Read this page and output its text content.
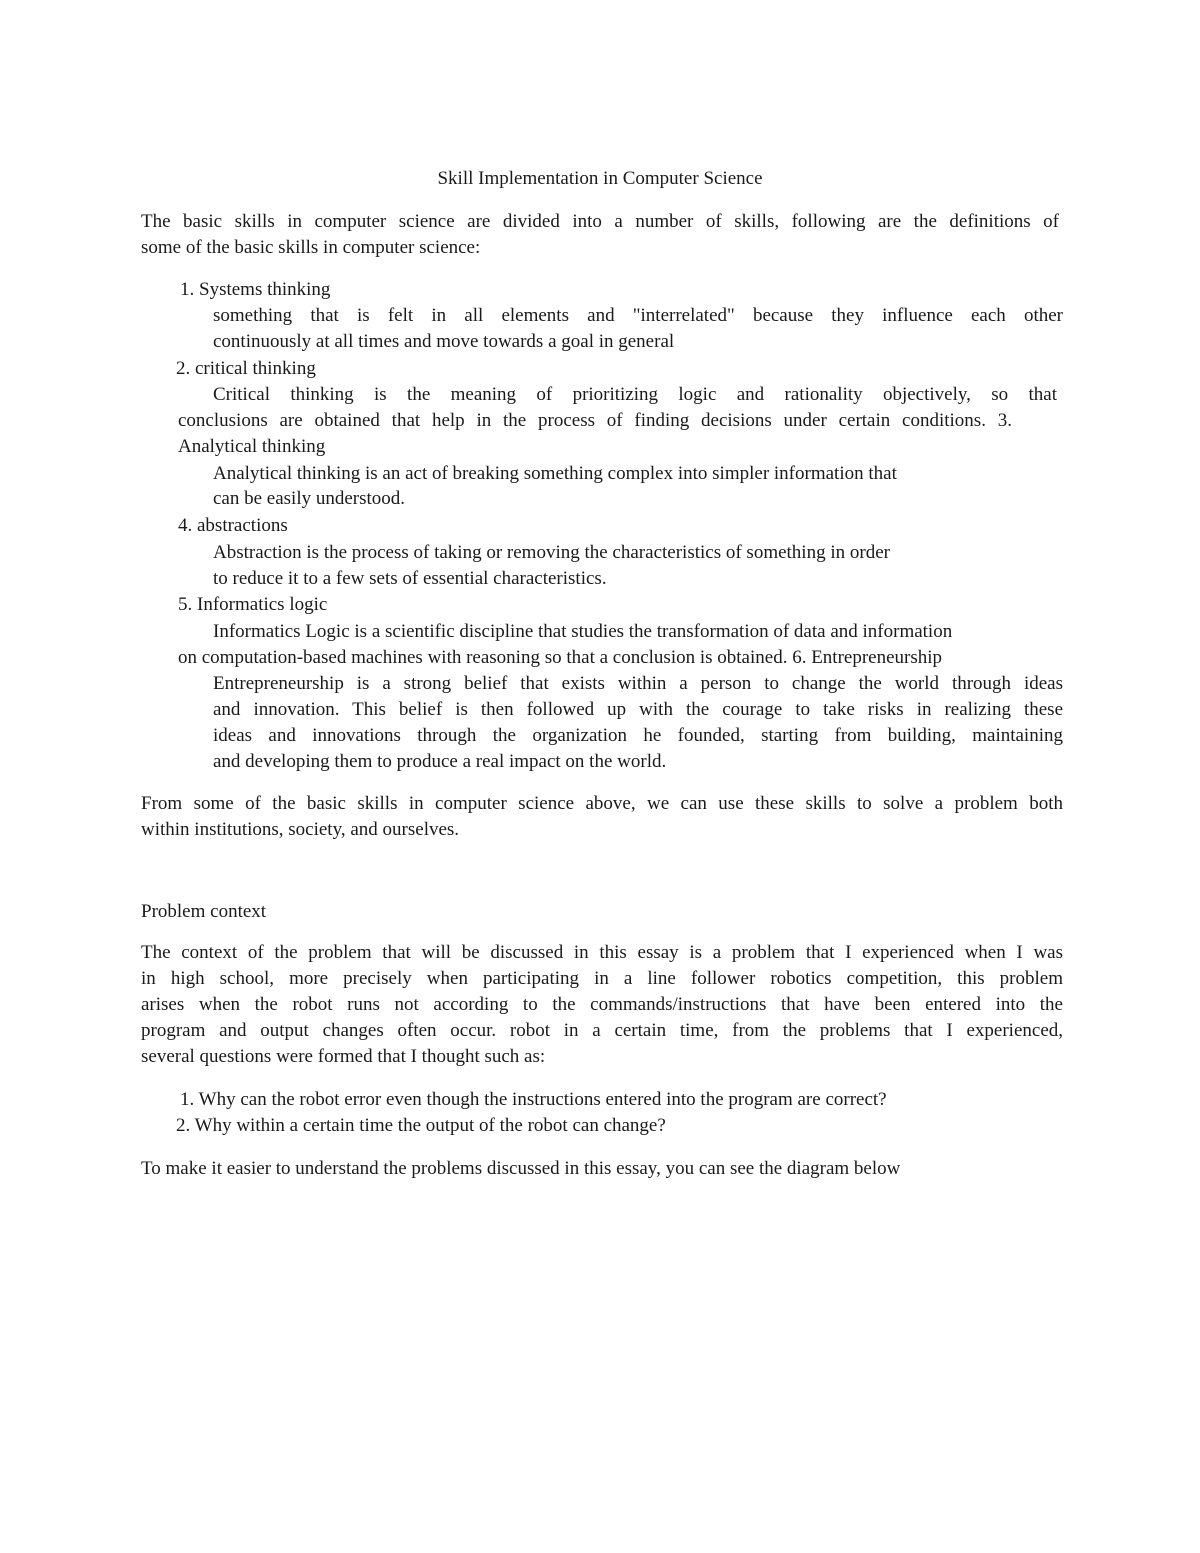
Skill Implementation in Computer Science
The basic skills in computer science are divided into a number of skills, following are the definitions of
some of the basic skills in computer science:
1. Systems thinking
something that is felt in all elements and "interrelated" because they influence each other
continuously at all times and move towards a goal in general
2. critical thinking
Critical thinking is the meaning of prioritizing logic and rationality objectively, so that
conclusions are obtained that help in the process of finding decisions under certain conditions. 3.
Analytical thinking
Analytical thinking is an act of breaking something complex into simpler information that
can be easily understood.
4. abstractions
Abstraction is the process of taking or removing the characteristics of something in order
to reduce it to a few sets of essential characteristics.
5. Informatics logic
Informatics Logic is a scientific discipline that studies the transformation of data and information
on computation-based machines with reasoning so that a conclusion is obtained. 6. Entrepreneurship
Entrepreneurship is a strong belief that exists within a person to change the world through ideas
and innovation. This belief is then followed up with the courage to take risks in realizing these
ideas and innovations through the organization he founded, starting from building, maintaining
and developing them to produce a real impact on the world.
From some of the basic skills in computer science above, we can use these skills to solve a problem both
within institutions, society, and ourselves.
Problem context
The context of the problem that will be discussed in this essay is a problem that I experienced when I was
in high school, more precisely when participating in a line follower robotics competition, this problem
arises when the robot runs not according to the commands/instructions that have been entered into the
program and output changes often occur. robot in a certain time, from the problems that I experienced,
several questions were formed that I thought such as:
1. Why can the robot error even though the instructions entered into the program are correct?
2. Why within a certain time the output of the robot can change?
To make it easier to understand the problems discussed in this essay, you can see the diagram below
